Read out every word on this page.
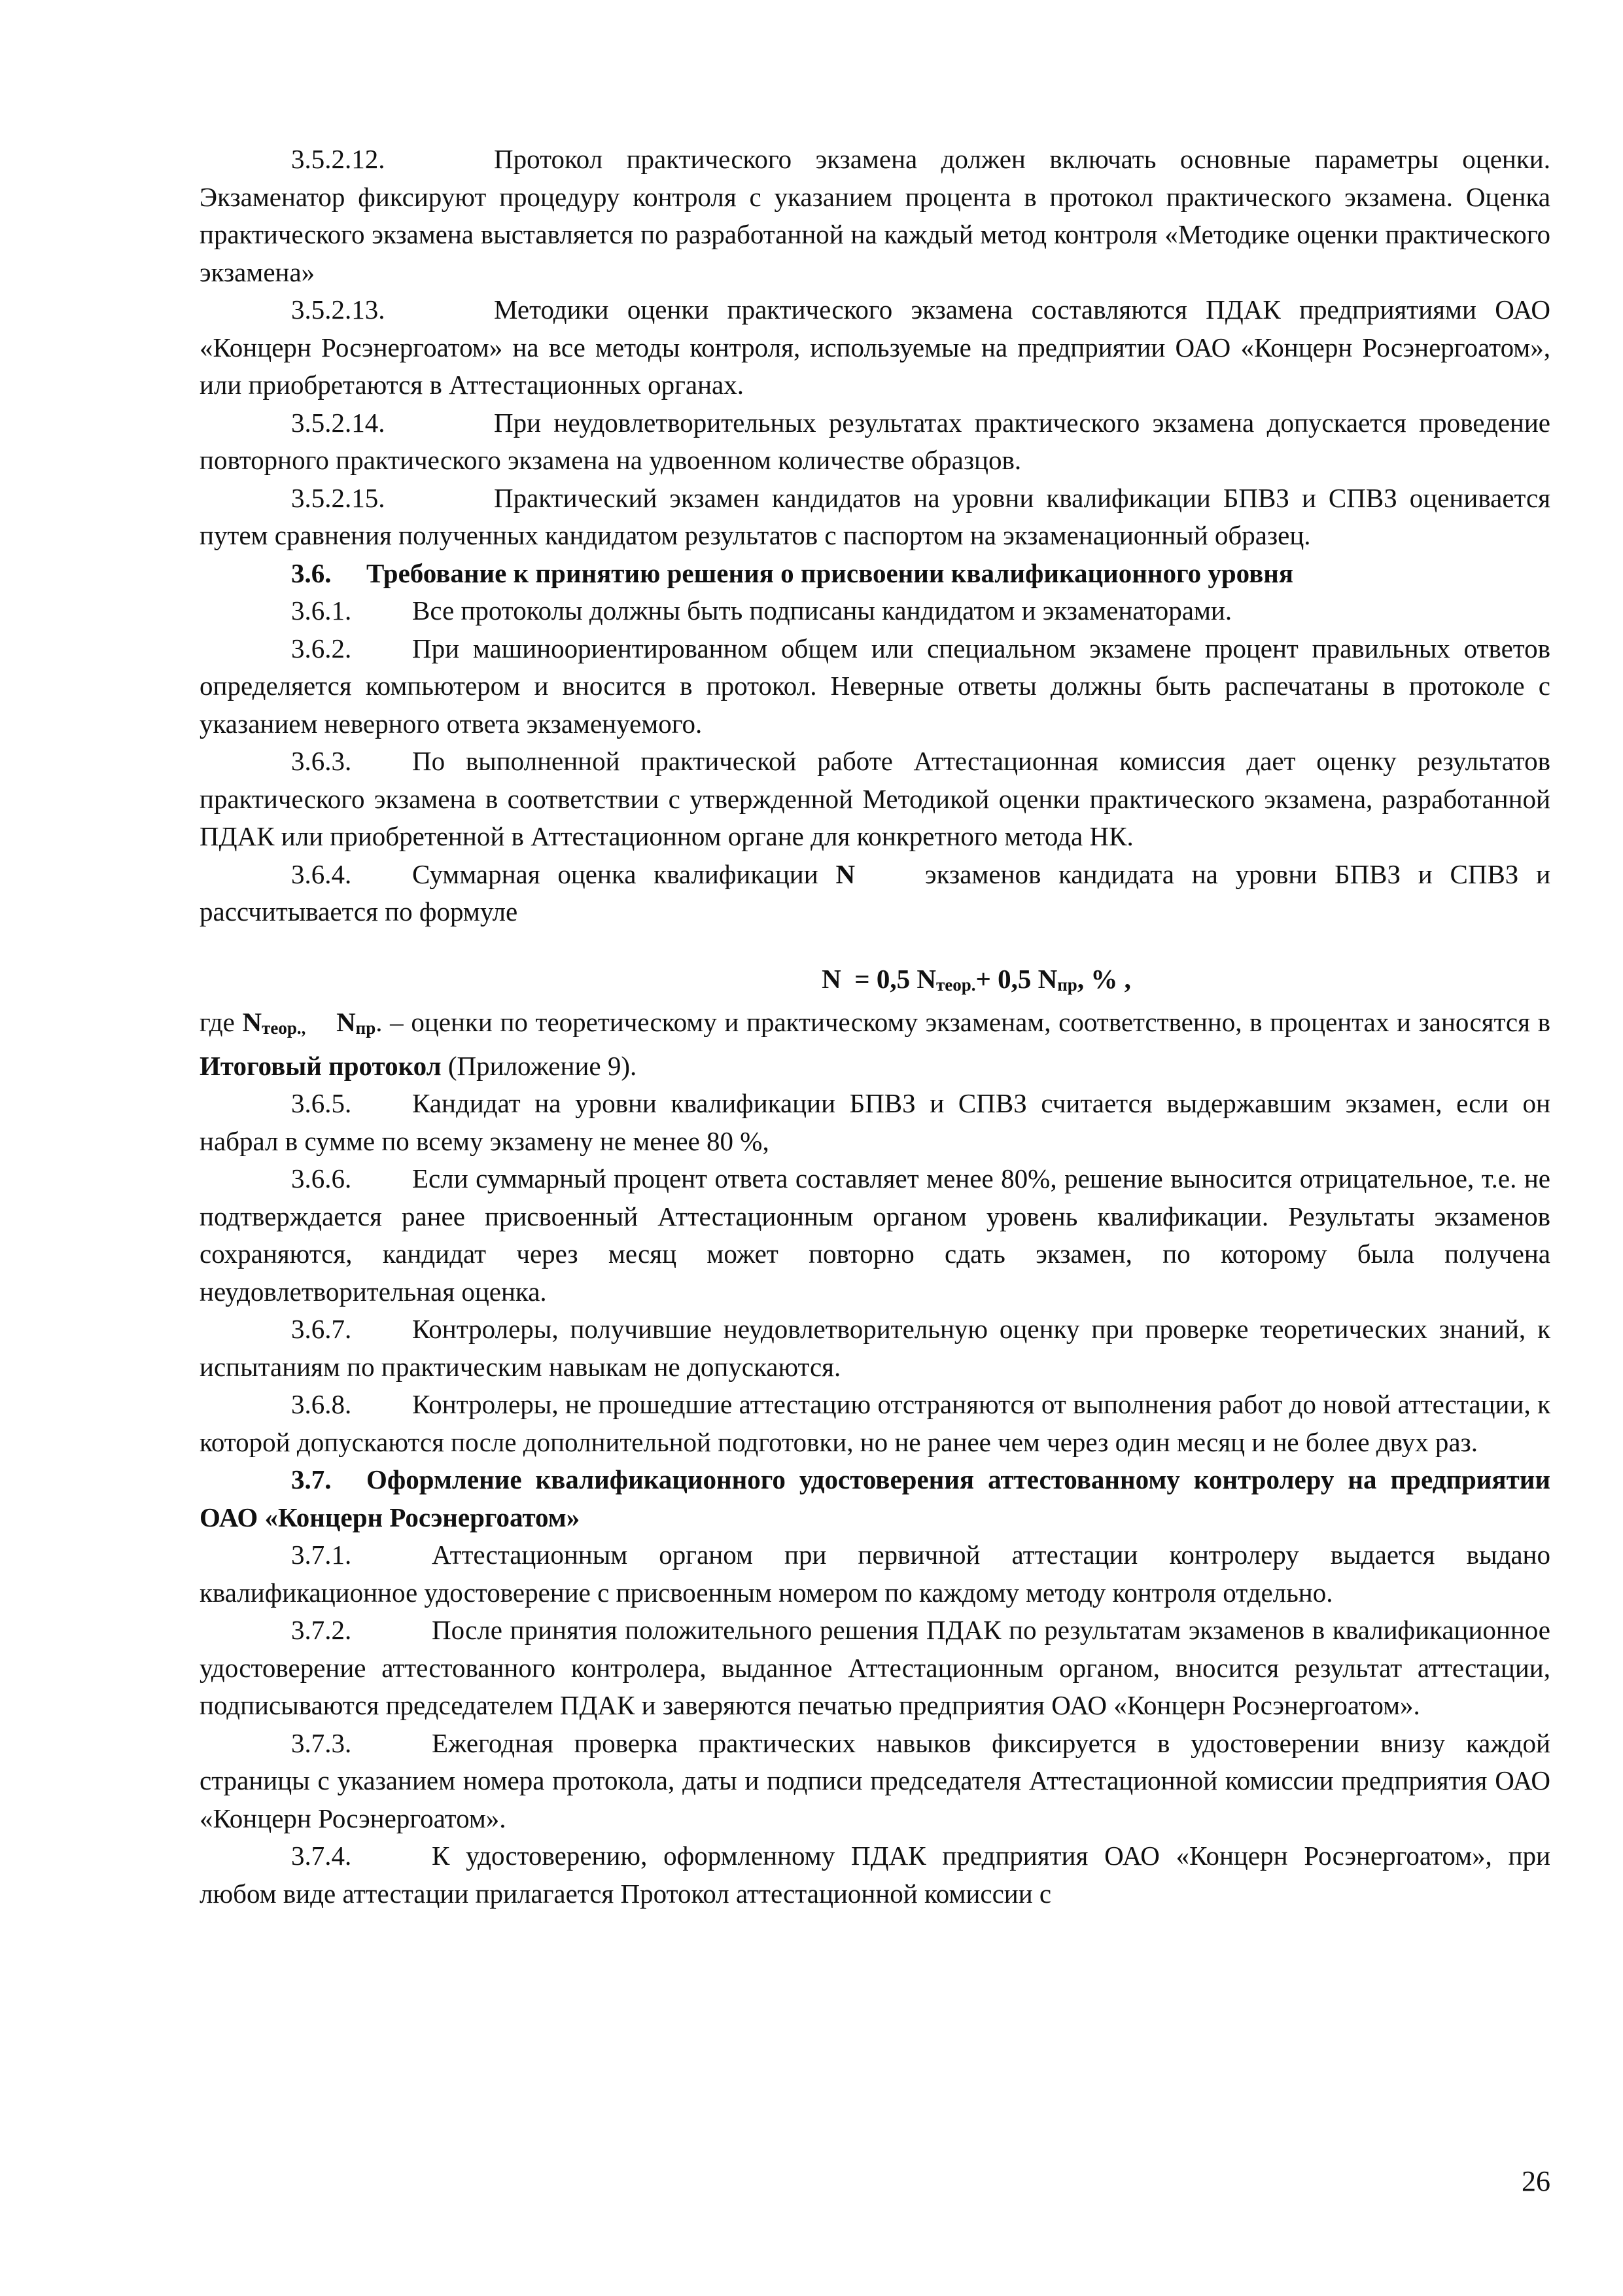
3.5.2.12.	Протокол практического экзамена должен включать основные параметры оценки. Экзаменатор фиксируют процедуру контроля с указанием процента в протокол практического экзамена. Оценка практического экзамена выставляется по разработанной на каждый метод контроля «Методике оценки практического экзамена»

3.5.2.13.	Методики оценки практического экзамена составляются ПДАК предприятиями ОАО «Концерн Росэнергоатом» на все методы контроля, используемые на предприятии ОАО «Концерн Росэнергоатом», или приобретаются в Аттестационных органах.

3.5.2.14.	При неудовлетворительных результатах практического экзамена допускается проведение повторного практического экзамена на удвоенном количестве образцов.

3.5.2.15.	Практический экзамен кандидатов на уровни квалификации БПВЗ и СПВЗ оценивается путем сравнения полученных кандидатом результатов с паспортом на экзаменационный образец.

3.6. Требование к принятию решения о присвоении квалификационного уровня

3.6.1. Все протоколы должны быть подписаны кандидатом и экзаменаторами.

3.6.2. При машиноориентированном общем или специальном экзамене процент правильных ответов определяется компьютером и вносится в протокол. Неверные ответы должны быть распечатаны в протоколе с указанием неверного ответа экзаменуемого.

3.6.3. По выполненной практической работе Аттестационная комиссия дает оценку результатов практического экзамена в соответствии с утвержденной Методикой оценки практического экзамена, разработанной ПДАК или приобретенной в Аттестационном органе для конкретного метода НК.

3.6.4. Суммарная оценка квалификации N	экзаменов кандидата на уровни БПВЗ и СПВЗ и рассчитывается по формуле

N = 0,5 $N_{теор.}+ 0,5$ $N_{пр}$, % ,

где $N_{теор.,}$ $N_{пр}$. – оценки по теоретическому и практическому экзаменам, соответственно, в процентах и заносятся в Итоговый протокол (Приложение 9).

3.6.5. Кандидат на уровни квалификации БПВЗ и СПВЗ считается выдержавшим экзамен, если он набрал в сумме по всему экзамену не менее 80 %,

3.6.6. Если суммарный процент ответа составляет менее 80%, решение выносится отрицательное, т.е. не подтверждается ранее присвоенный Аттестационным органом уровень квалификации. Результаты экзаменов сохраняются, кандидат через месяц может повторно сдать экзамен, по которому была получена неудовлетворительная оценка.

3.6.7. Контролеры, получившие неудовлетворительную оценку при проверке теоретических знаний, к испытаниям по практическим навыкам не допускаются.

3.6.8. Контролеры, не прошедшие аттестацию отстраняются от выполнения работ до новой аттестации, к которой допускаются после дополнительной подготовки, но не ранее чем через один месяц и не более двух раз.

3.7. Оформление квалификационного удостоверения аттестованному контролеру на предприятии ОАО «Концерн Росэнергоатом»

3.7.1.	Аттестационным органом при первичной аттестации контролеру выдается выдано квалификационное удостоверение с присвоенным номером по каждому методу контроля отдельно.

3.7.2.	После принятия положительного решения ПДАК по результатам экзаменов в квалификационное удостоверение аттестованного контролера, выданное Аттестационным органом, вносится результат аттестации, подписываются председателем ПДАК и заверяются печатью предприятия ОАО «Концерн Росэнергоатом».

3.7.3.	Ежегодная проверка практических навыков фиксируется в удостоверении внизу каждой страницы с указанием номера протокола, даты и подписи председателя Аттестационной комиссии предприятия ОАО «Концерн Росэнергоатом».

3.7.4.	К удостоверению, оформленному ПДАК предприятия ОАО «Концерн Росэнергоатом», при любом виде аттестации прилагается Протокол аттестационной комиссии с

26
